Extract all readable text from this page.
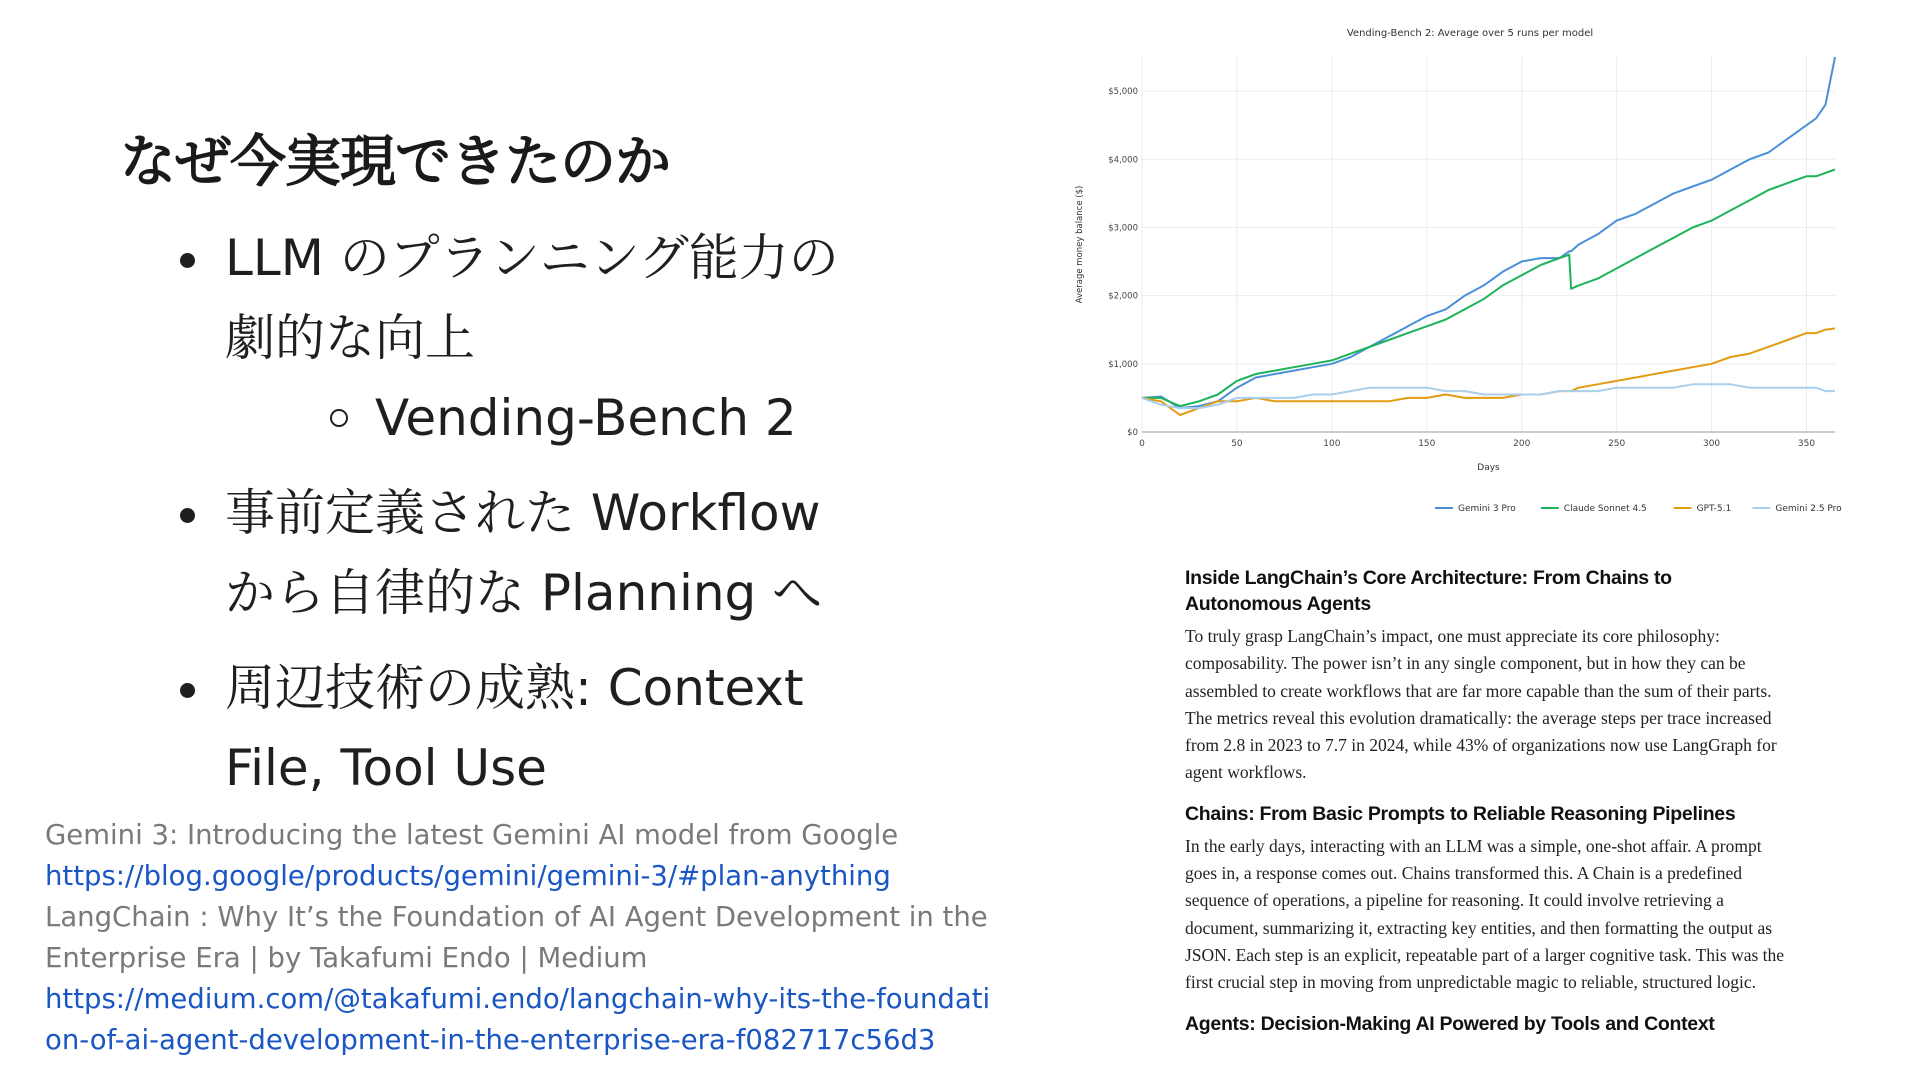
なぜ今実現できたのか
LLM のプランニング能力の劇的な向上
Vending-Bench 2
事前定義された Workflow から自律的な Planning へ
周辺技術の成熟: Context File, Tool Use
Gemini 3: Introducing the latest Gemini AI model from Google
https://blog.google/products/gemini/gemini-3/#plan-anything
LangChain : Why It’s the Foundation of AI Agent Development in the Enterprise Era | by Takafumi Endo | Medium
https://medium.com/@takafumi.endo/langchain-why-its-the-foundation-of-ai-agent-development-in-the-enterprise-era-f082717c56d3
Vending-Bench 2: Average over 5 runs per model
0	50	100	150	200	250	300	350
$0
$1,000
$2,000
$3,000
$4,000
$5,000
Days
Average money balance ($)
Gemini 3 Pro	Claude Sonnet 4.5	GPT-5.1	Gemini 2.5 Pro
Inside LangChain’s Core Architecture: From Chains to Autonomous Agents

To truly grasp LangChain’s impact, one must appreciate its core philosophy: composability. The power isn’t in any single component, but in how they can be assembled to create workflows that are far more capable than the sum of their parts. The metrics reveal this evolution dramatically: the average steps per trace increased from 2.8 in 2023 to 7.7 in 2024, while 43% of organizations now use LangGraph for agent workflows.

Chains: From Basic Prompts to Reliable Reasoning Pipelines

In the early days, interacting with an LLM was a simple, one-shot affair. A prompt goes in, a response comes out. Chains transformed this. A Chain is a predefined sequence of operations, a pipeline for reasoning. It could involve retrieving a document, summarizing it, extracting key entities, and then formatting the output as JSON. Each step is an explicit, repeatable part of a larger cognitive task. This was the first crucial step in moving from unpredictable magic to reliable, structured logic.

Agents: Decision-Making AI Powered by Tools and Context
